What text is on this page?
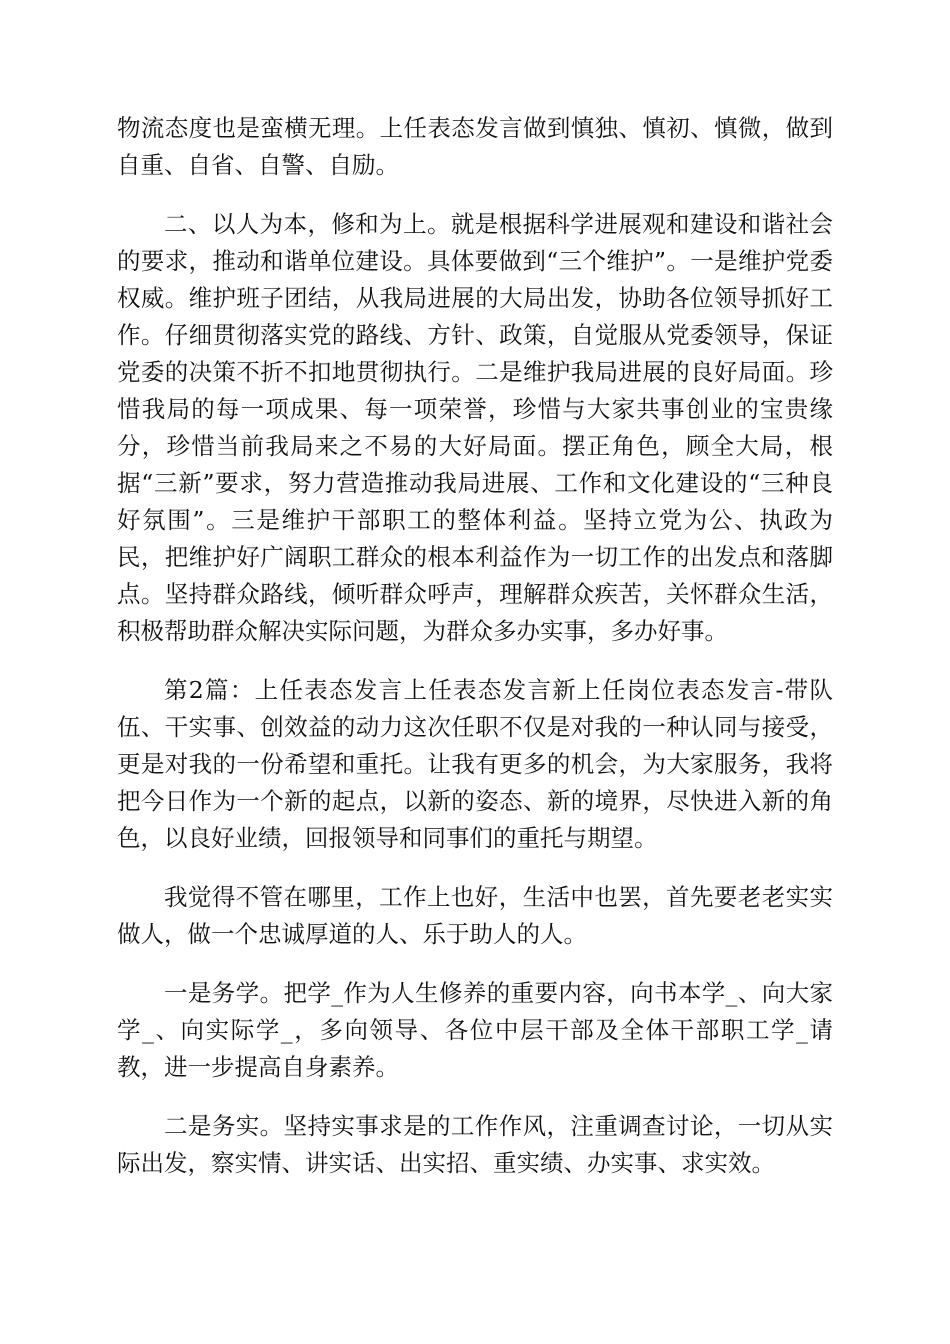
物流态度也是蛮横无理。上任表态发言做到慎独、慎初、慎微，做到自重、自省、自警、自励。

二、以人为本，修和为上。就是根据科学进展观和建设和谐社会的要求，推动和谐单位建设。具体要做到“三个维护”。一是维护党委权威。维护班子团结，从我局进展的大局出发，协助各位领导抓好工作。仔细贯彻落实党的路线、方针、政策，自觉服从党委领导，保证党委的决策不折不扣地贯彻执行。二是维护我局进展的良好局面。珍惜我局的每一项成果、每一项荣誉，珍惜与大家共事创业的宝贵缘分，珍惜当前我局来之不易的大好局面。摆正角色，顾全大局，根据“三新”要求，努力营造推动我局进展、工作和文化建设的“三种良好氛围”。三是维护干部职工的整体利益。坚持立党为公、执政为民，把维护好广阔职工群众的根本利益作为一切工作的出发点和落脚点。坚持群众路线，倾听群众呼声，理解群众疾苦，关怀群众生活，积极帮助群众解决实际问题，为群众多办实事，多办好事。

第2篇：上任表态发言上任表态发言新上任岗位表态发言-带队伍、干实事、创效益的动力这次任职不仅是对我的一种认同与接受，更是对我的一份希望和重托。让我有更多的机会，为大家服务，我将把今日作为一个新的起点，以新的姿态、新的境界，尽快进入新的角色，以良好业绩，回报领导和同事们的重托与期望。

我觉得不管在哪里，工作上也好，生活中也罢，首先要老老实实做人，做一个忠诚厚道的人、乐于助人的人。

一是务学。把学_作为人生修养的重要内容，向书本学_、向大家学_、向实际学_，多向领导、各位中层干部及全体干部职工学_请教，进一步提高自身素养。

二是务实。坚持实事求是的工作作风，注重调查讨论，一切从实际出发，察实情、讲实话、出实招、重实绩、办实事、求实效。
